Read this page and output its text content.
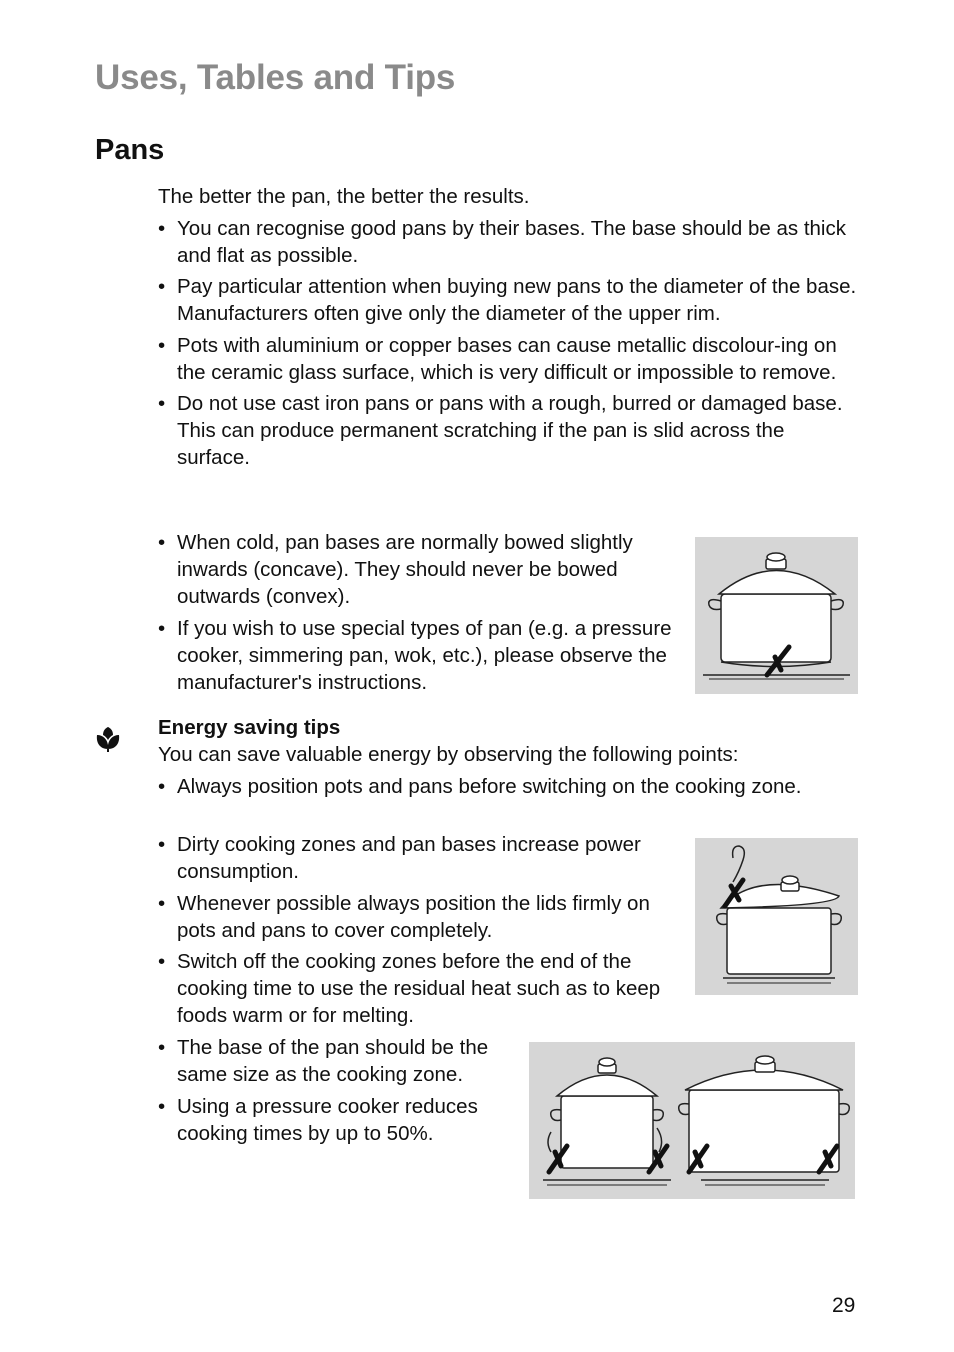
Uses, Tables and Tips
Pans
The better the pan, the better the results.
• You can recognise good pans by their bases. The base should be as thick and flat as possible.
• Pay particular attention when buying new pans to the diameter of the base. Manufacturers often give only the diameter of the upper rim.
• Pots with aluminium or copper bases can cause metallic discolour-ing on the ceramic glass surface, which is very difficult or impossible to remove.
• Do not use cast iron pans or pans with a rough, burred or damaged base. This can produce permanent scratching if the pan is slid across the surface.
• When cold, pan bases are normally bowed slightly inwards (concave). They should never be bowed outwards (convex).
• If you wish to use special types of pan (e.g. a pressure cooker, simmering pan, wok, etc.), please observe the manufacturer's instructions.
Energy saving tips
You can save valuable energy by observing the following points:
• Always position pots and pans before switching on the cooking zone.
• Dirty cooking zones and pan bases increase power consumption.
• Whenever possible always position the lids firmly on pots and pans to cover completely.
• Switch off the cooking zones before the end of the cooking time to use the residual heat such as to keep foods warm or for melting.
• The base of the pan should be the same size as the cooking zone.
• Using a pressure cooker reduces cooking times by up to 50%.
29
